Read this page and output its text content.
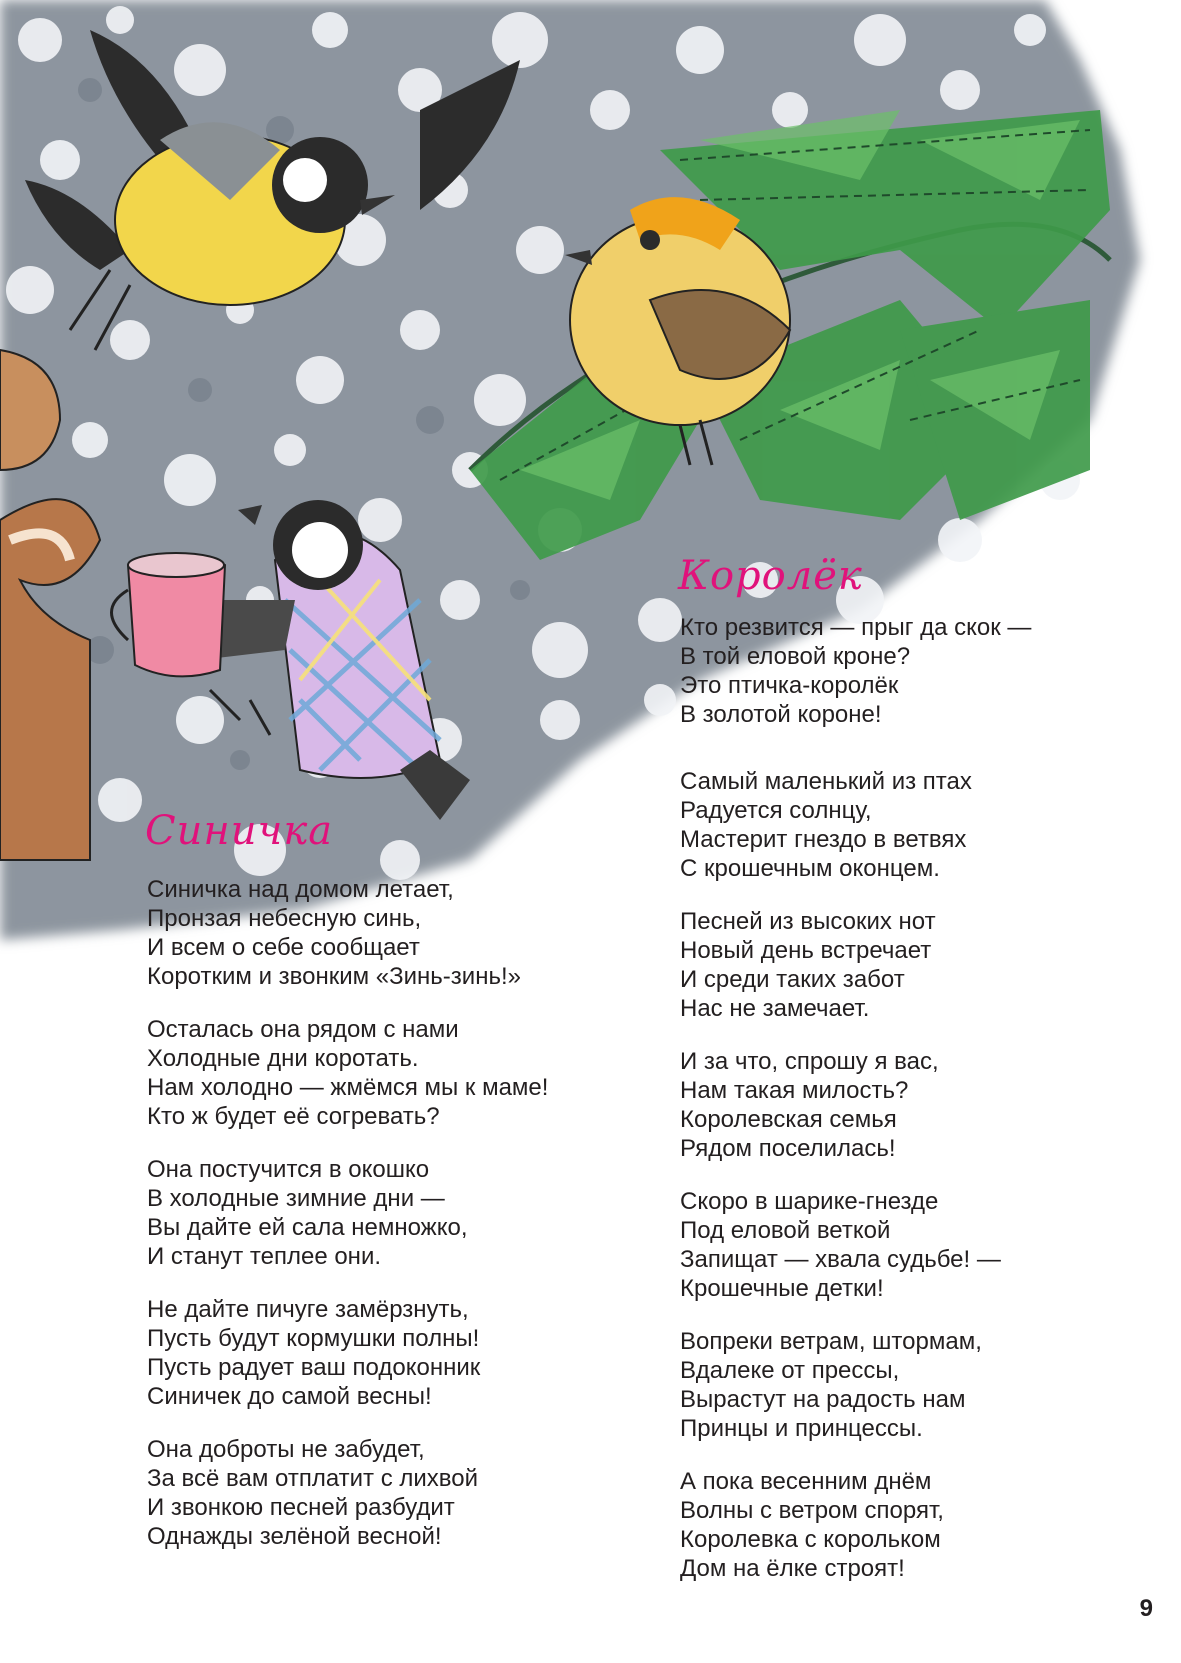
Синичка

Синичка над домом летает,
Пронзая небесную синь,
И всем о себе сообщает
Коротким и звонким «Зинь-зинь!»

Осталась она рядом с нами
Холодные дни коротать.
Нам холодно — жмёмся мы к маме!
Кто ж будет её согревать?

Она постучится в окошко
В холодные зимние дни —
Вы дайте ей сала немножко,
И станут теплее они.

Не дайте пичуге замёрзнуть,
Пусть будут кормушки полны!
Пусть радует ваш подоконник
Синичек до самой весны!

Она доброты не забудет,
За всё вам отплатит с лихвой
И звонкою песней разбудит
Однажды зелёной весной!

Королёк

Кто резвится — прыг да скок —
В той еловой кроне?
Это птичка-королёк
В золотой короне!

Самый маленький из птах
Радуется солнцу,
Мастерит гнездо в ветвях
С крошечным оконцем.

Песней из высоких нот
Новый день встречает
И среди таких забот
Нас не замечает.

И за что, спрошу я вас,
Нам такая милость?
Королевская семья
Рядом поселилась!

Скоро в шарике-гнезде
Под еловой веткой
Запищат — хвала судьбе! —
Крошечные детки!

Вопреки ветрам, штормам,
Вдалеке от прессы,
Вырастут на радость нам
Принцы и принцессы.

А пока весенним днём
Волны с ветром спорят,
Королевка с корольком
Дом на ёлке строят!

9
